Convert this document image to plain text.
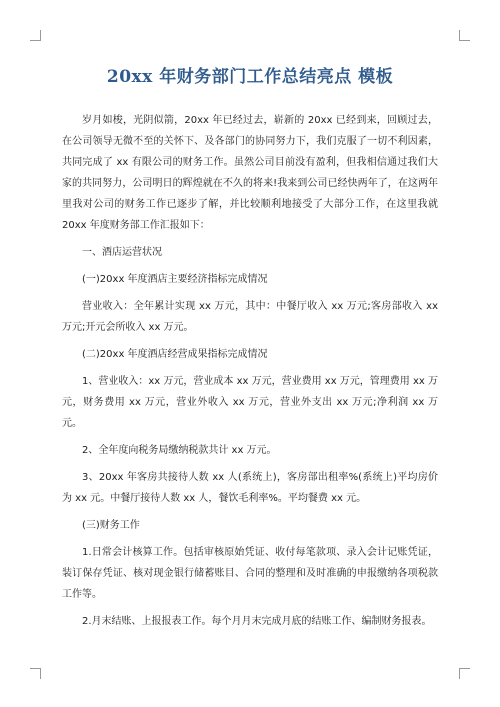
20xx 年财务部门工作总结亮点 模板

岁月如梭，光阴似箭，20xx 年已经过去，崭新的 20xx 已经到来，回顾过去，在公司领导无微不至的关怀下、及各部门的协同努力下，我们克服了一切不利因素，共同完成了 xx 有限公司的财务工作。虽然公司目前没有盈利，但我相信通过我们大家的共同努力，公司明日的辉煌就在不久的将来!我来到公司已经快两年了，在这两年里我对公司的财务工作已逐步了解，并比较顺利地接受了大部分工作，在这里我就 20xx 年度财务部工作汇报如下：

一、酒店运营状况

(一)20xx 年度酒店主要经济指标完成情况

营业收入：全年累计实现 xx 万元，其中：中餐厅收入 xx 万元;客房部收入 xx 万元;开元会所收入 xx 万元。

(二)20xx 年度酒店经营成果指标完成情况

1、营业收入：xx 万元，营业成本 xx 万元，营业费用 xx 万元，管理费用 xx 万元，财务费用 xx 万元，营业外收入 xx 万元，营业外支出 xx 万元;净利润 xx 万元。

2、全年度向税务局缴纳税款共计 xx 万元。

3、20xx 年客房共接待人数 xx 人(系统上)，客房部出租率%(系统上)平均房价为 xx 元。中餐厅接待人数 xx 人，餐饮毛利率%。平均餐费 xx 元。

(三)财务工作

1.日常会计核算工作。包括审核原始凭证、收付每笔款项、录入会计记账凭证，装订保存凭证、核对现金银行储蓄账目、合同的整理和及时准确的申报缴纳各项税款工作等。

2.月末结账、上报报表工作。每个月月末完成月底的结账工作、编制财务报表。
